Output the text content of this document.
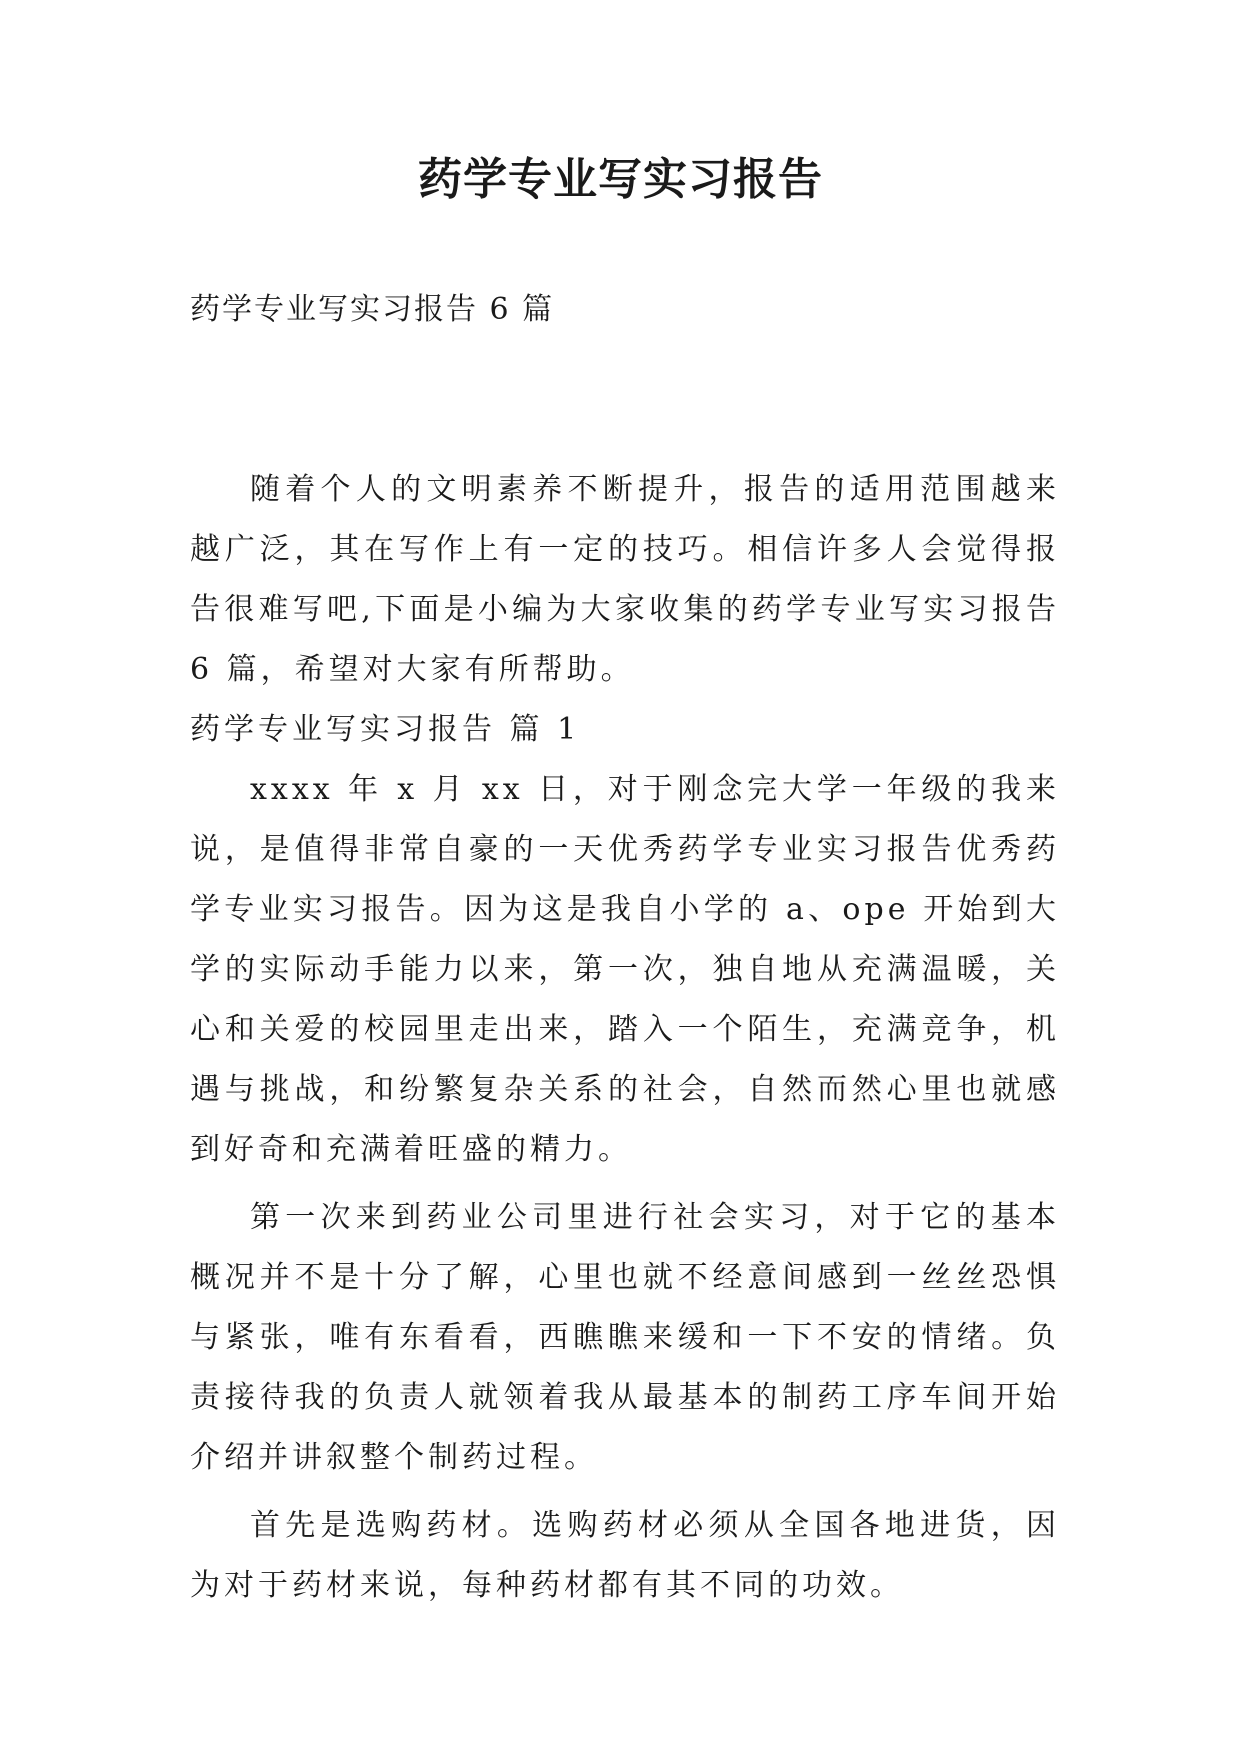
药学专业写实习报告

药学专业写实习报告 6 篇

随着个人的文明素养不断提升，报告的适用范围越来越广泛，其在写作上有一定的技巧。相信许多人会觉得报告很难写吧,下面是小编为大家收集的药学专业写实习报告 6 篇，希望对大家有所帮助。

药学专业写实习报告 篇 1

xxxx 年 x 月 xx 日，对于刚念完大学一年级的我来说，是值得非常自豪的一天优秀药学专业实习报告优秀药学专业实习报告。因为这是我自小学的 a、ope 开始到大学的实际动手能力以来，第一次，独自地从充满温暖，关心和关爱的校园里走出来，踏入一个陌生，充满竞争，机遇与挑战，和纷繁复杂关系的社会，自然而然心里也就感到好奇和充满着旺盛的精力。

第一次来到药业公司里进行社会实习，对于它的基本概况并不是十分了解，心里也就不经意间感到一丝丝恐惧与紧张，唯有东看看，西瞧瞧来缓和一下不安的情绪。负责接待我的负责人就领着我从最基本的制药工序车间开始介绍并讲叙整个制药过程。

首先是选购药材。选购药材必须从全国各地进货，因为对于药材来说，每种药材都有其不同的功效。
